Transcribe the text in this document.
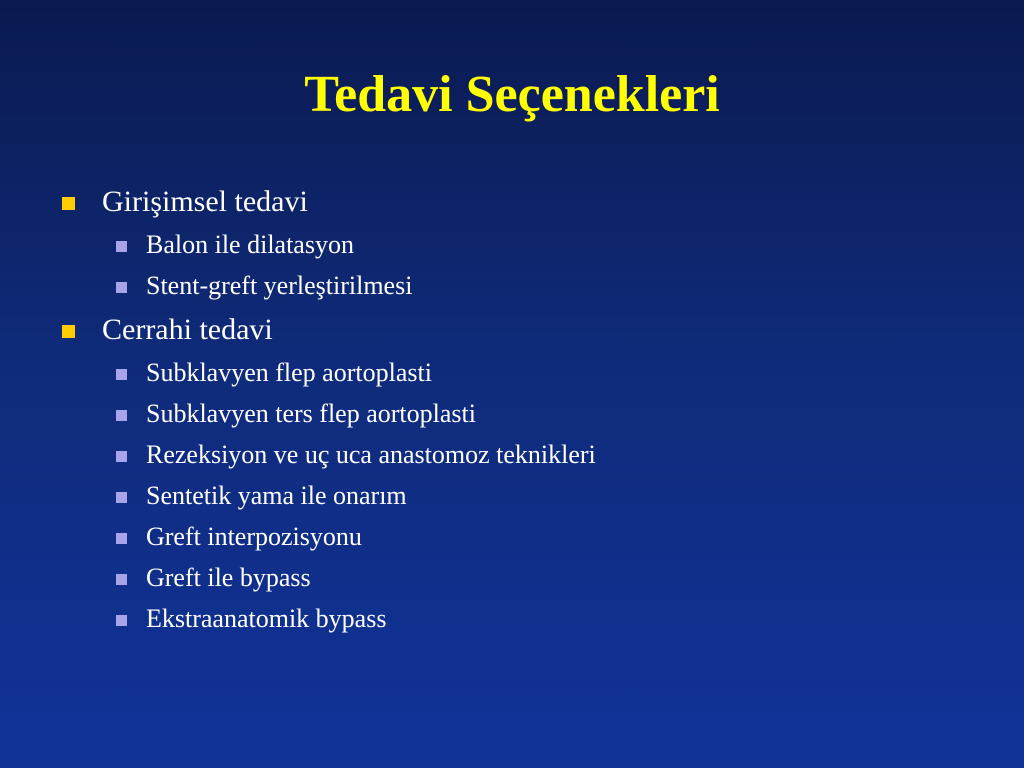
Tedavi Seçenekleri
Girişimsel tedavi
Balon ile dilatasyon
Stent-greft yerleştirilmesi
Cerrahi tedavi
Subklavyen flep aortoplasti
Subklavyen ters flep aortoplasti
Rezeksiyon ve uç uca anastomoz teknikleri
Sentetik yama ile onarım
Greft interpozisyonu
Greft ile bypass
Ekstraanatomik bypass
